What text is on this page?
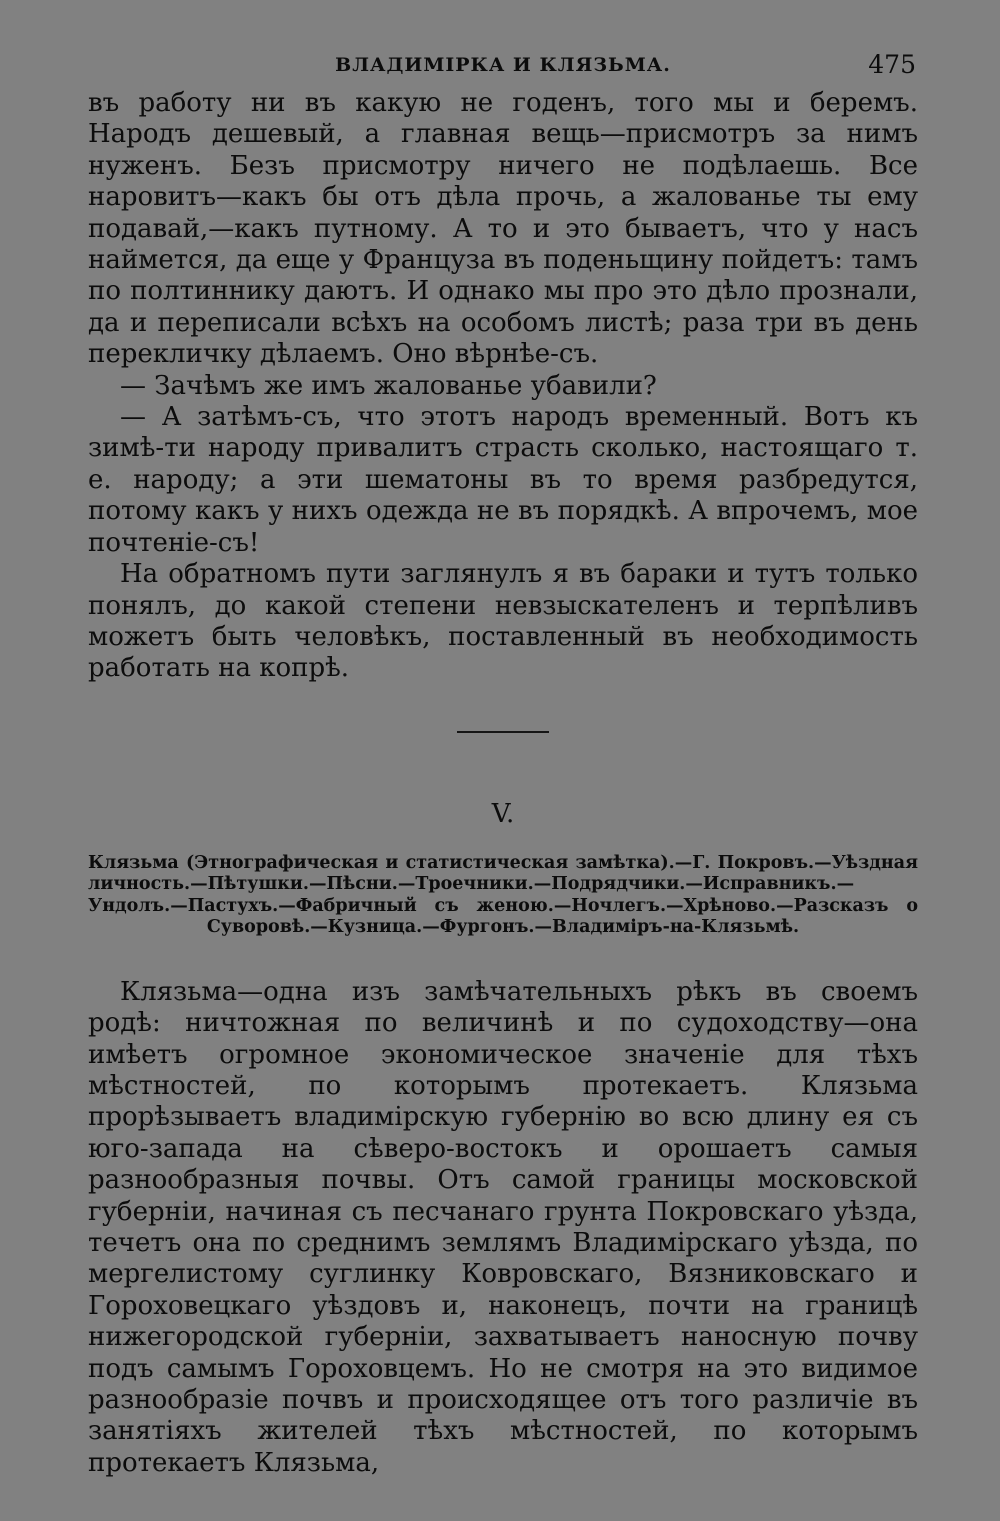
ВЛАДИМІРКА И КЛЯЗЬМА.	475

въ работу ни въ какую не годенъ, того мы и беремъ. Народъ дешевый, а главная вещь—присмотръ за нимъ нуженъ. Безъ присмотру ничего не подѣлаешь. Все наровитъ—какъ бы отъ дѣла прочь, а жалованье ты ему подавай,—какъ путному. А то и это бываетъ, что у насъ наймется, да еще у Француза въ поденьщину пойдетъ: тамъ по полтиннику даютъ. И однако мы про это дѣло прознали, да и переписали всѣхъ на особомъ листѣ; раза три въ день перекличку дѣлаемъ. Оно вѣрнѣе-съ.

— Зачѣмъ же имъ жалованье убавили?

— А затѣмъ-съ, что этотъ народъ временный. Вотъ къ зимѣ-ти народу привалитъ страсть сколько, настоящаго т. е. народу; а эти шематоны въ то время разбредутся, потому какъ у нихъ одежда не въ порядкѣ. А впрочемъ, мое почтеніе-съ!

На обратномъ пути заглянулъ я въ бараки и тутъ только понялъ, до какой степени невзыскателенъ и терпѣливъ можетъ быть человѣкъ, поставленный въ необходимость работать на копрѣ.

V.

Клязьма (Этнографическая и статистическая замѣтка).—Г. Покровъ.—Уѣздная личность.—Пѣтушки.—Пѣсни.—Троечники.—Подрядчики.—Исправникъ.—Ундолъ.—Пастухъ.—Фабричный съ женою.—Ночлегъ.—Хрѣново.—Разсказъ о Суворовѣ.—Кузница.—Фургонъ.—Владиміръ-на-Клязьмѣ.

Клязьма—одна изъ замѣчательныхъ рѣкъ въ своемъ родѣ: ничтожная по величинѣ и по судоходству—она имѣетъ огромное экономическое значеніе для тѣхъ мѣстностей, по которымъ протекаетъ. Клязьма прорѣзываетъ владимірскую губернію во всю длину ея съ юго-запада на сѣверо-востокъ и орошаетъ самыя разнообразныя почвы. Отъ самой границы московской губерніи, начиная съ песчанаго грунта Покровскаго уѣзда, течетъ она по среднимъ землямъ Владимірскаго уѣзда, по мергелистому суглинку Ковровскаго, Вязниковскаго и Гороховецкаго уѣздовъ и, наконецъ, почти на границѣ нижегородской губерніи, захватываетъ наносную почву подъ самымъ Гороховцемъ. Но не смотря на это видимое разнообразіе почвъ и происходящее отъ того различіе въ занятіяхъ жителей тѣхъ мѣстностей, по которымъ протекаетъ Клязьма,
